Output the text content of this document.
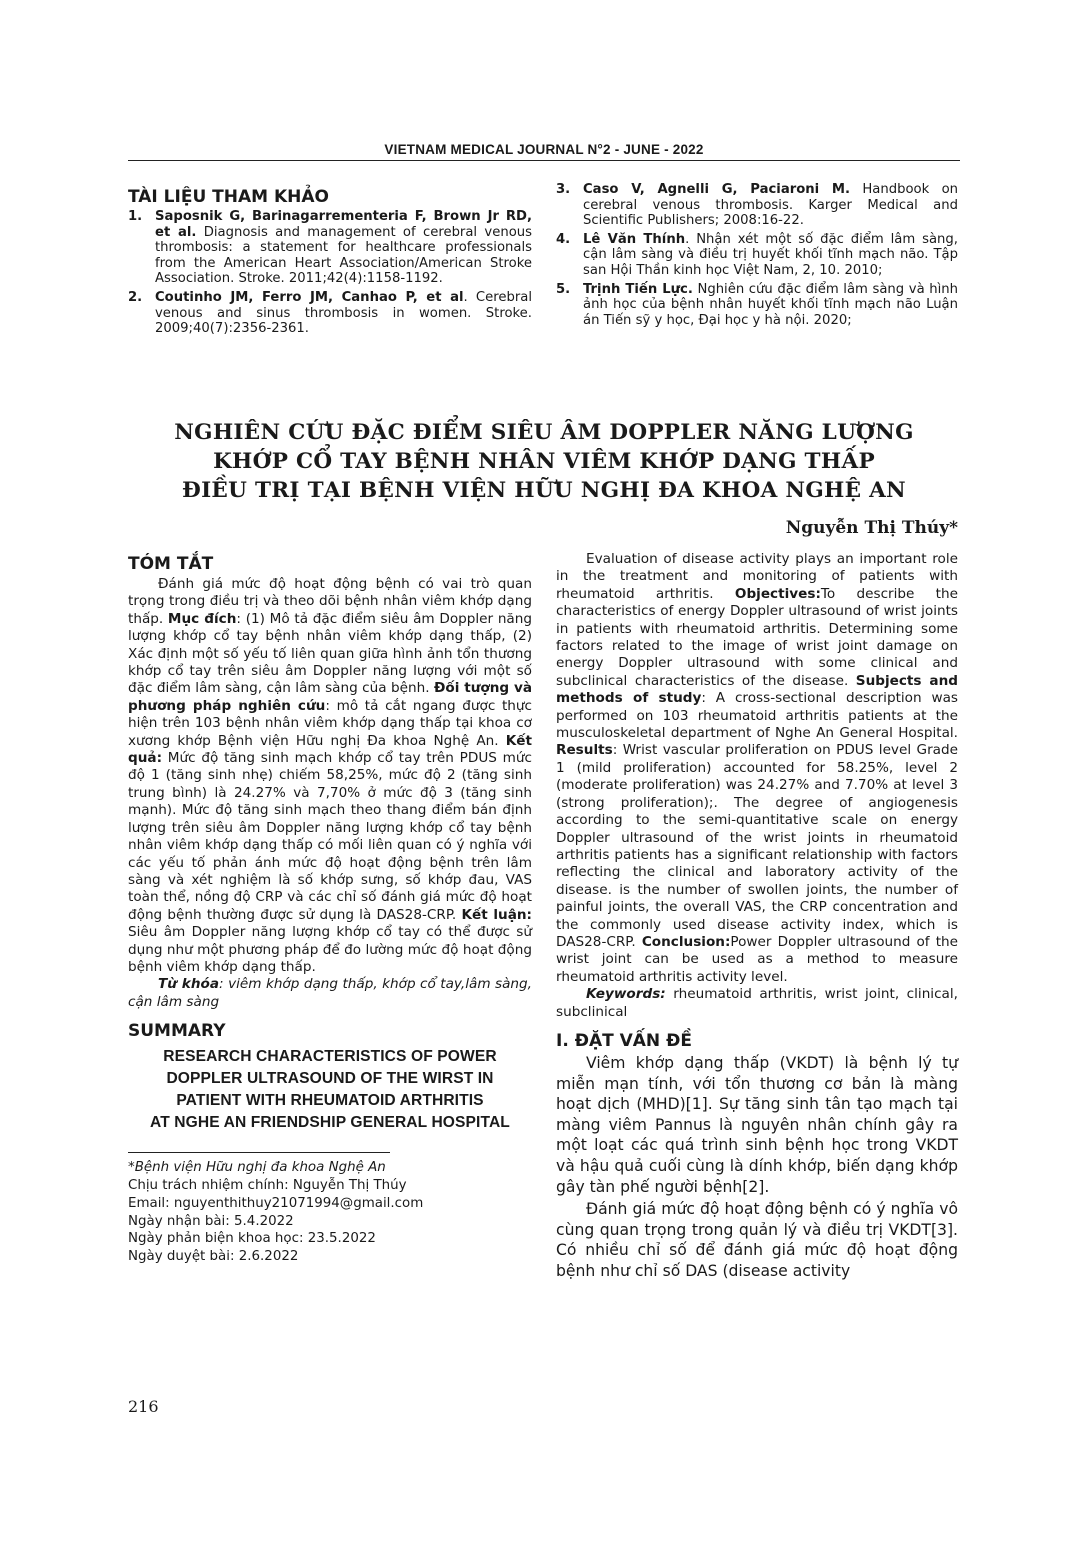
VIETNAM MEDICAL JOURNAL N°2 - JUNE - 2022
TÀI LIỆU THAM KHẢO
1. Saposnik G, Barinagarrementeria F, Brown Jr RD, et al. Diagnosis and management of cerebral venous thrombosis: a statement for healthcare professionals from the American Heart Association/American Stroke Association. Stroke. 2011;42(4):1158-1192.
2. Coutinho JM, Ferro JM, Canhao P, et al. Cerebral venous and sinus thrombosis in women. Stroke. 2009;40(7):2356-2361.
3. Caso V, Agnelli G, Paciaroni M. Handbook on cerebral venous thrombosis. Karger Medical and Scientific Publishers; 2008:16-22.
4. Lê Văn Thính. Nhận xét một số đặc điểm lâm sàng, cận lâm sàng và điều trị huyết khối tĩnh mạch não. Tập san Hội Thần kinh học Việt Nam, 2, 10. 2010;
5. Trịnh Tiến Lực. Nghiên cứu đặc điểm lâm sàng và hình ảnh học của bệnh nhân huyết khối tĩnh mạch não Luận án Tiến sỹ y học, Đại học y hà nội. 2020;
NGHIÊN CỨU ĐẶC ĐIỂM SIÊU ÂM DOPPLER NĂNG LƯỢNG
KHỚP CỔ TAY BỆNH NHÂN VIÊM KHỚP DẠNG THẤP
ĐIỀU TRỊ TẠI BỆNH VIỆN HỮU NGHỊ ĐA KHOA NGHỆ AN
Nguyễn Thị Thúy*
TÓM TẮT

Đánh giá mức độ hoạt động bệnh có vai trò quan trọng trong điều trị và theo dõi bệnh nhân viêm khớp dạng thấp. Mục đích: (1) Mô tả đặc điểm siêu âm Doppler năng lượng khớp cổ tay bệnh nhân viêm khớp dạng thấp, (2) Xác định một số yếu tố liên quan giữa hình ảnh tổn thương khớp cổ tay trên siêu âm Doppler năng lượng với một số đặc điểm lâm sàng, cận lâm sàng của bệnh. Đối tượng và phương pháp nghiên cứu: mô tả cắt ngang được thực hiện trên 103 bệnh nhân viêm khớp dạng thấp tại khoa cơ xương khớp Bệnh viện Hữu nghị Đa khoa Nghệ An. Kết quả: Mức độ tăng sinh mạch khớp cổ tay trên PDUS mức độ 1 (tăng sinh nhẹ) chiếm 58,25%, mức độ 2 (tăng sinh trung bình) là 24.27% và 7,70% ở mức độ 3 (tăng sinh mạnh). Mức độ tăng sinh mạch theo thang điểm bán định lượng trên siêu âm Doppler năng lượng khớp cổ tay bệnh nhân viêm khớp dạng thấp có mối liên quan có ý nghĩa với các yếu tố phản ánh mức độ hoạt động bệnh trên lâm sàng và xét nghiệm là số khớp sưng, số khớp đau, VAS toàn thể, nồng độ CRP và các chỉ số đánh giá mức độ hoạt động bệnh thường được sử dụng là DAS28-CRP. Kết luận: Siêu âm Doppler năng lượng khớp cổ tay có thể được sử dụng như một phương pháp để đo lường mức độ hoạt động bệnh viêm khớp dạng thấp.

Từ khóa: viêm khớp dạng thấp, khớp cổ tay,lâm sàng, cận lâm sàng

SUMMARY
RESEARCH CHARACTERISTICS OF POWER
DOPPLER ULTRASOUND OF THE WIRST IN
PATIENT WITH RHEUMATOID ARTHRITIS
AT NGHE AN FRIENDSHIP GENERAL HOSPITAL
*Bệnh viện Hữu nghị đa khoa Nghệ An
Chịu trách nhiệm chính: Nguyễn Thị Thúy
Email: nguyenthithuy21071994@gmail.com
Ngày nhận bài: 5.4.2022
Ngày phản biện khoa học: 23.5.2022
Ngày duyệt bài: 2.6.2022

Evaluation of disease activity plays an important role in the treatment and monitoring of patients with rheumatoid arthritis. Objectives:To describe the characteristics of energy Doppler ultrasound of wrist joints in patients with rheumatoid arthritis. Determining some factors related to the image of wrist joint damage on energy Doppler ultrasound with some clinical and subclinical characteristics of the disease. Subjects and methods of study: A cross-sectional description was performed on 103 rheumatoid arthritis patients at the musculoskeletal department of Nghe An General Hospital. Results: Wrist vascular proliferation on PDUS level Grade 1 (mild proliferation) accounted for 58.25%, level 2 (moderate proliferation) was 24.27% and 7.70% at level 3 (strong proliferation);. The degree of angiogenesis according to the semi-quantitative scale on energy Doppler ultrasound of the wrist joints in rheumatoid arthritis patients has a significant relationship with factors reflecting the clinical and laboratory activity of the disease. is the number of swollen joints, the number of painful joints, the overall VAS, the CRP concentration and the commonly used disease activity index, which is DAS28-CRP. Conclusion:Power Doppler ultrasound of the wrist joint can be used as a method to measure rheumatoid arthritis activity level.

Keywords: rheumatoid arthritis, wrist joint, clinical, subclinical

I. ĐẶT VẤN ĐỀ

Viêm khớp dạng thấp (VKDT) là bệnh lý tự miễn mạn tính, với tổn thương cơ bản là màng hoạt dịch (MHD)[1]. Sự tăng sinh tân tạo mạch tại màng viêm Pannus là nguyên nhân chính gây ra một loạt các quá trình sinh bệnh học trong VKDT và hậu quả cuối cùng là dính khớp, biến dạng khớp gây tàn phế người bệnh[2].

Đánh giá mức độ hoạt động bệnh có ý nghĩa vô cùng quan trọng trong quản lý và điều trị VKDT[3]. Có nhiều chỉ số để đánh giá mức độ hoạt động bệnh như chỉ số DAS (disease activity

216
